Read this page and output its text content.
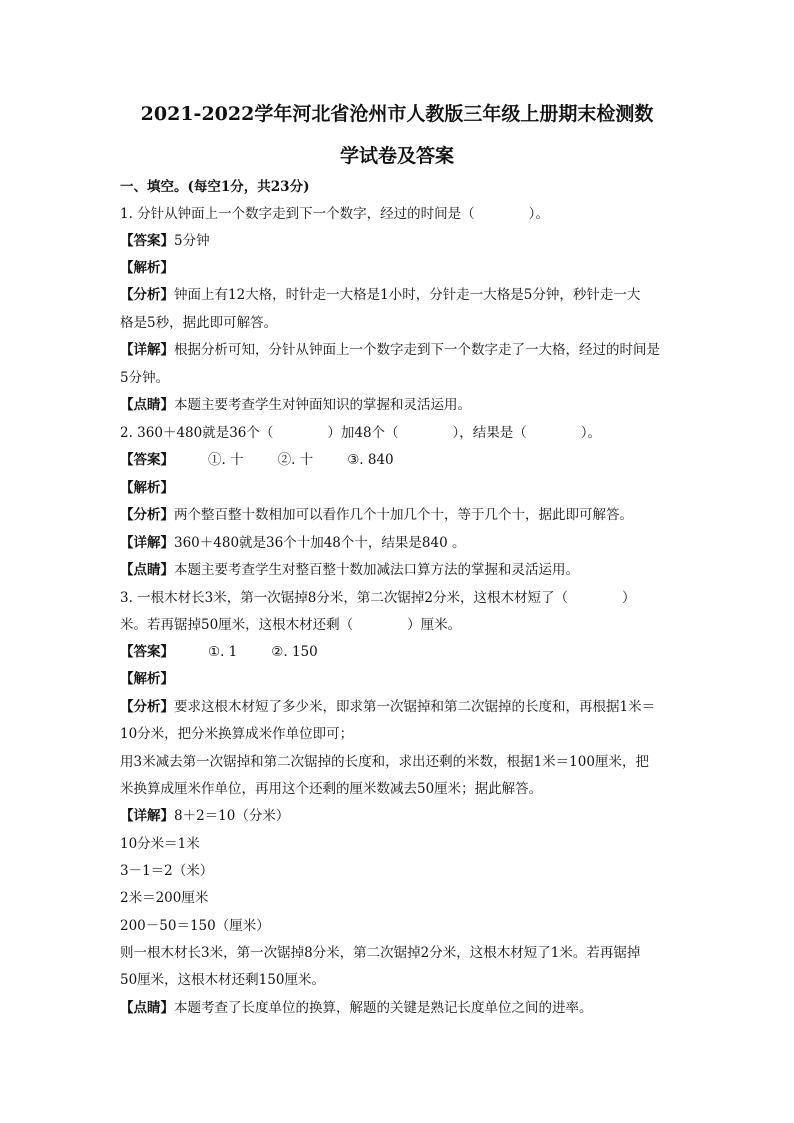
2021-2022学年河北省沧州市人教版三年级上册期末检测数
学试卷及答案
一、填空。(每空1分，共23分)
1. 分针从钟面上一个数字走到下一个数字，经过的时间是（　　　　）。
【答案】5分钟
【解析】
【分析】钟面上有12大格，时针走一大格是1小时，分针走一大格是5分钟，秒针走一大
格是5秒，据此即可解答。
【详解】根据分析可知，分针从钟面上一个数字走到下一个数字走了一大格，经过的时间是
5分钟。
【点睛】本题主要考查学生对钟面知识的掌握和灵活运用。
2. 360＋480就是36个（　　　　）加48个（　　　　），结果是（　　　　）。
【答案】	①. 十	②. 十	③. 840
【解析】
【分析】两个整百整十数相加可以看作几个十加几个十，等于几个十，据此即可解答。
【详解】360＋480就是36个十加48个十，结果是840 。
【点睛】本题主要考查学生对整百整十数加减法口算方法的掌握和灵活运用。
3. 一根木材长3米，第一次锯掉8分米，第二次锯掉2分米，这根木材短了（　　　　）
米。若再锯掉50厘米，这根木材还剩（　　　　）厘米。
【答案】	①. 1	②. 150
【解析】
【分析】要求这根木材短了多少米，即求第一次锯掉和第二次锯掉的长度和，再根据1米＝
10分米，把分米换算成米作单位即可；
用3米减去第一次锯掉和第二次锯掉的长度和，求出还剩的米数，根据1米＝100厘米，把
米换算成厘米作单位，再用这个还剩的厘米数减去50厘米；据此解答。
【详解】8＋2＝10（分米）
10分米＝1米
3－1＝2（米）
2米＝200厘米
200－50＝150（厘米）
则一根木材长3米，第一次锯掉8分米，第二次锯掉2分米，这根木材短了1米。若再锯掉
50厘米，这根木材还剩150厘米。
【点睛】本题考查了长度单位的换算，解题的关键是熟记长度单位之间的进率。
